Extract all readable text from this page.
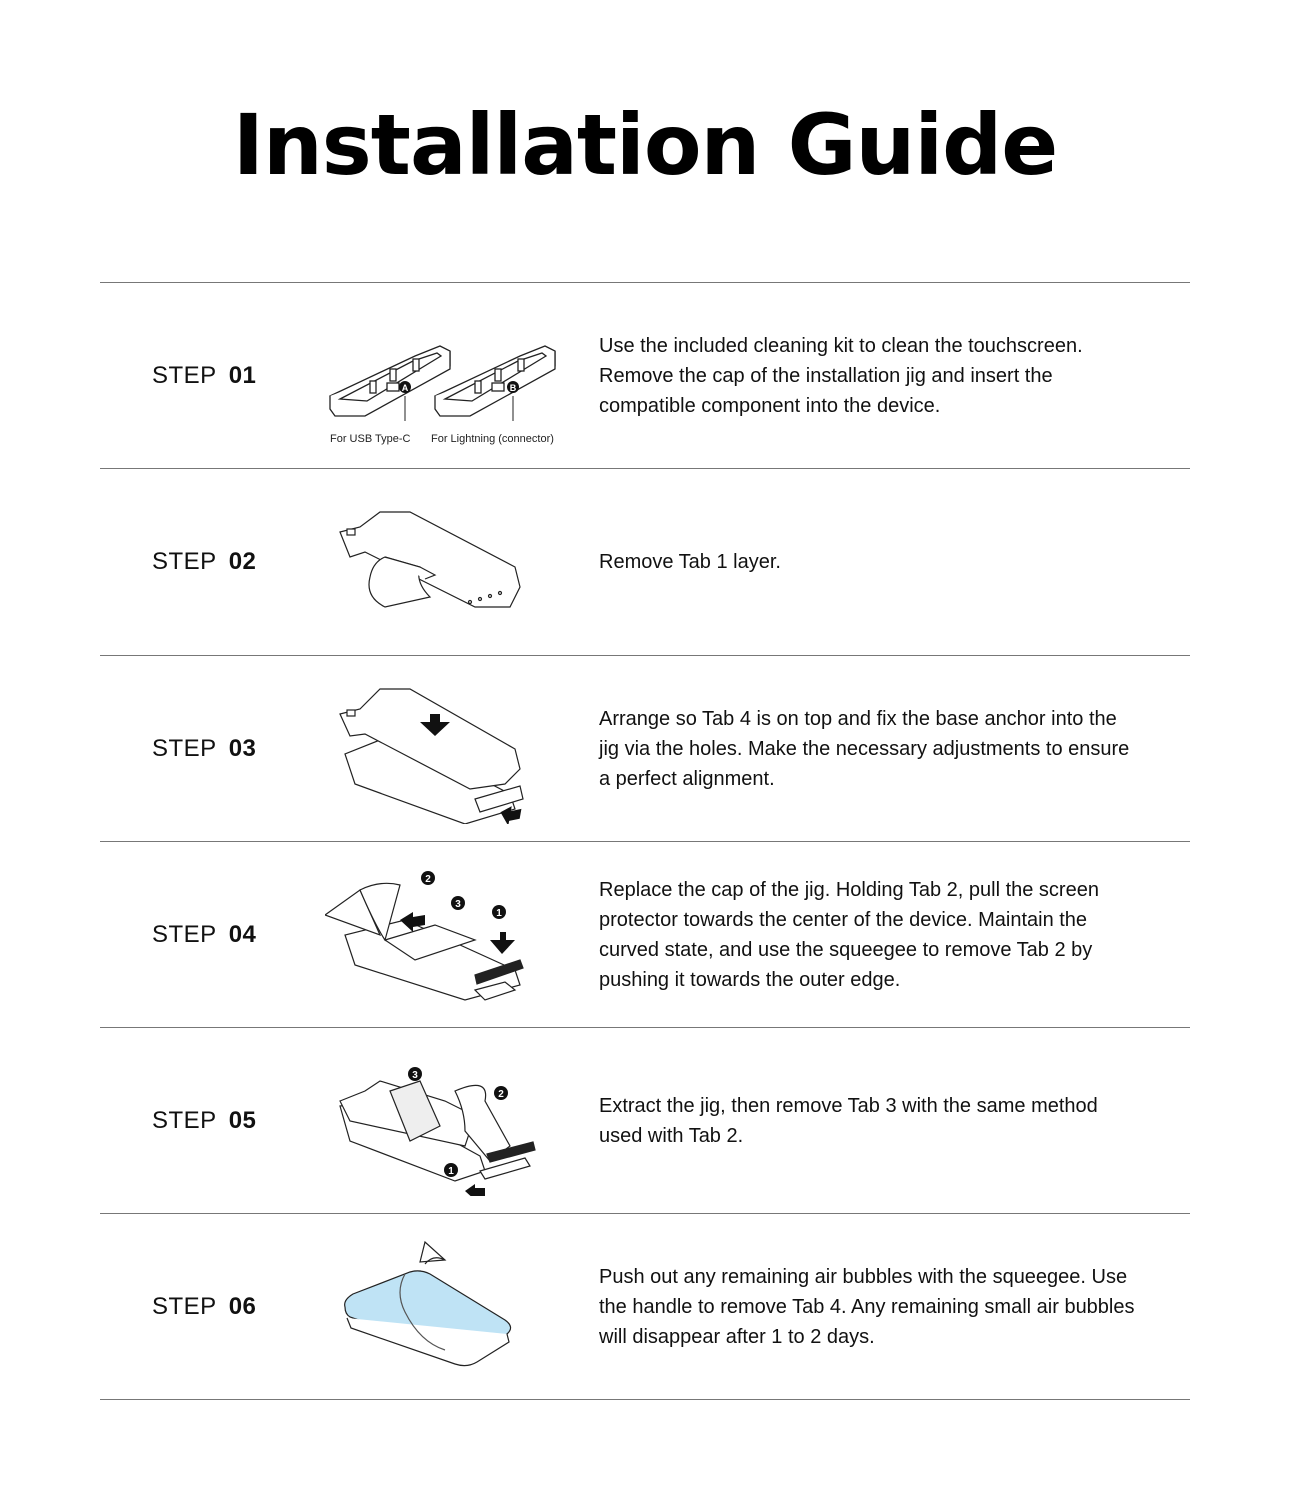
Installation Guide
STEP 01	A	B
For USB Type-C For Lightning (connector)
Use the included cleaning kit to clean the touchscreen. Remove the cap of the installation jig and insert the compatible component into the device.
STEP 02	Remove Tab 1 layer.
STEP 03
Arrange so Tab 4 is on top and fix the base anchor into the jig via the holes. Make the necessary adjustments to ensure a perfect alignment.
STEP 04
2
3
1
Replace the cap of the jig. Holding Tab 2, pull the screen protector towards the center of the device. Maintain the curved state, and use the squeegee to remove Tab 2 by pushing it towards the outer edge.
STEP 05
3
2
1
Extract the jig, then remove Tab 3 with the same method used with Tab 2.
STEP 06
Push out any remaining air bubbles with the squeegee. Use the handle to remove Tab 4. Any remaining small air bubbles will disappear after 1 to 2 days.
